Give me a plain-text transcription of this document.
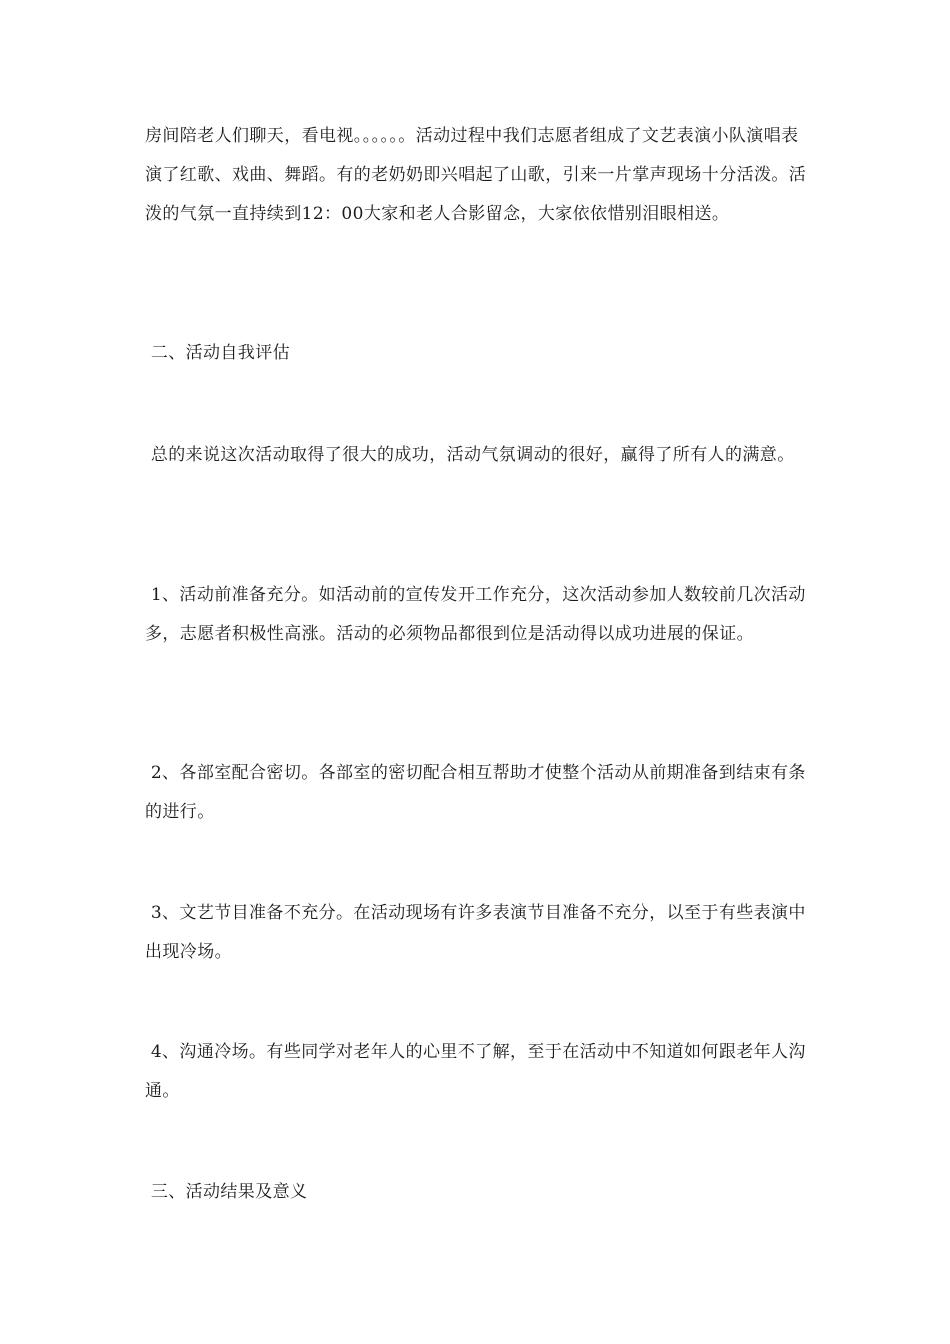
房间陪老人们聊天，看电视。。。。。。活动过程中我们志愿者组成了文艺表演小队演唱表演了红歌、戏曲、舞蹈。有的老奶奶即兴唱起了山歌，引来一片掌声现场十分活泼。活泼的气氛一直持续到12：00大家和老人合影留念，大家依依惜别泪眼相送。

二、活动自我评估

总的来说这次活动取得了很大的成功，活动气氛调动的很好，赢得了所有人的满意。

1、活动前准备充分。如活动前的宣传发开工作充分，这次活动参加人数较前几次活动多，志愿者积极性高涨。活动的必须物品都很到位是活动得以成功进展的保证。

2、各部室配合密切。各部室的密切配合相互帮助才使整个活动从前期准备到结束有条的进行。

3、文艺节目准备不充分。在活动现场有许多表演节目准备不充分，以至于有些表演中出现冷场。

4、沟通冷场。有些同学对老年人的心里不了解，至于在活动中不知道如何跟老年人沟通。

三、活动结果及意义
